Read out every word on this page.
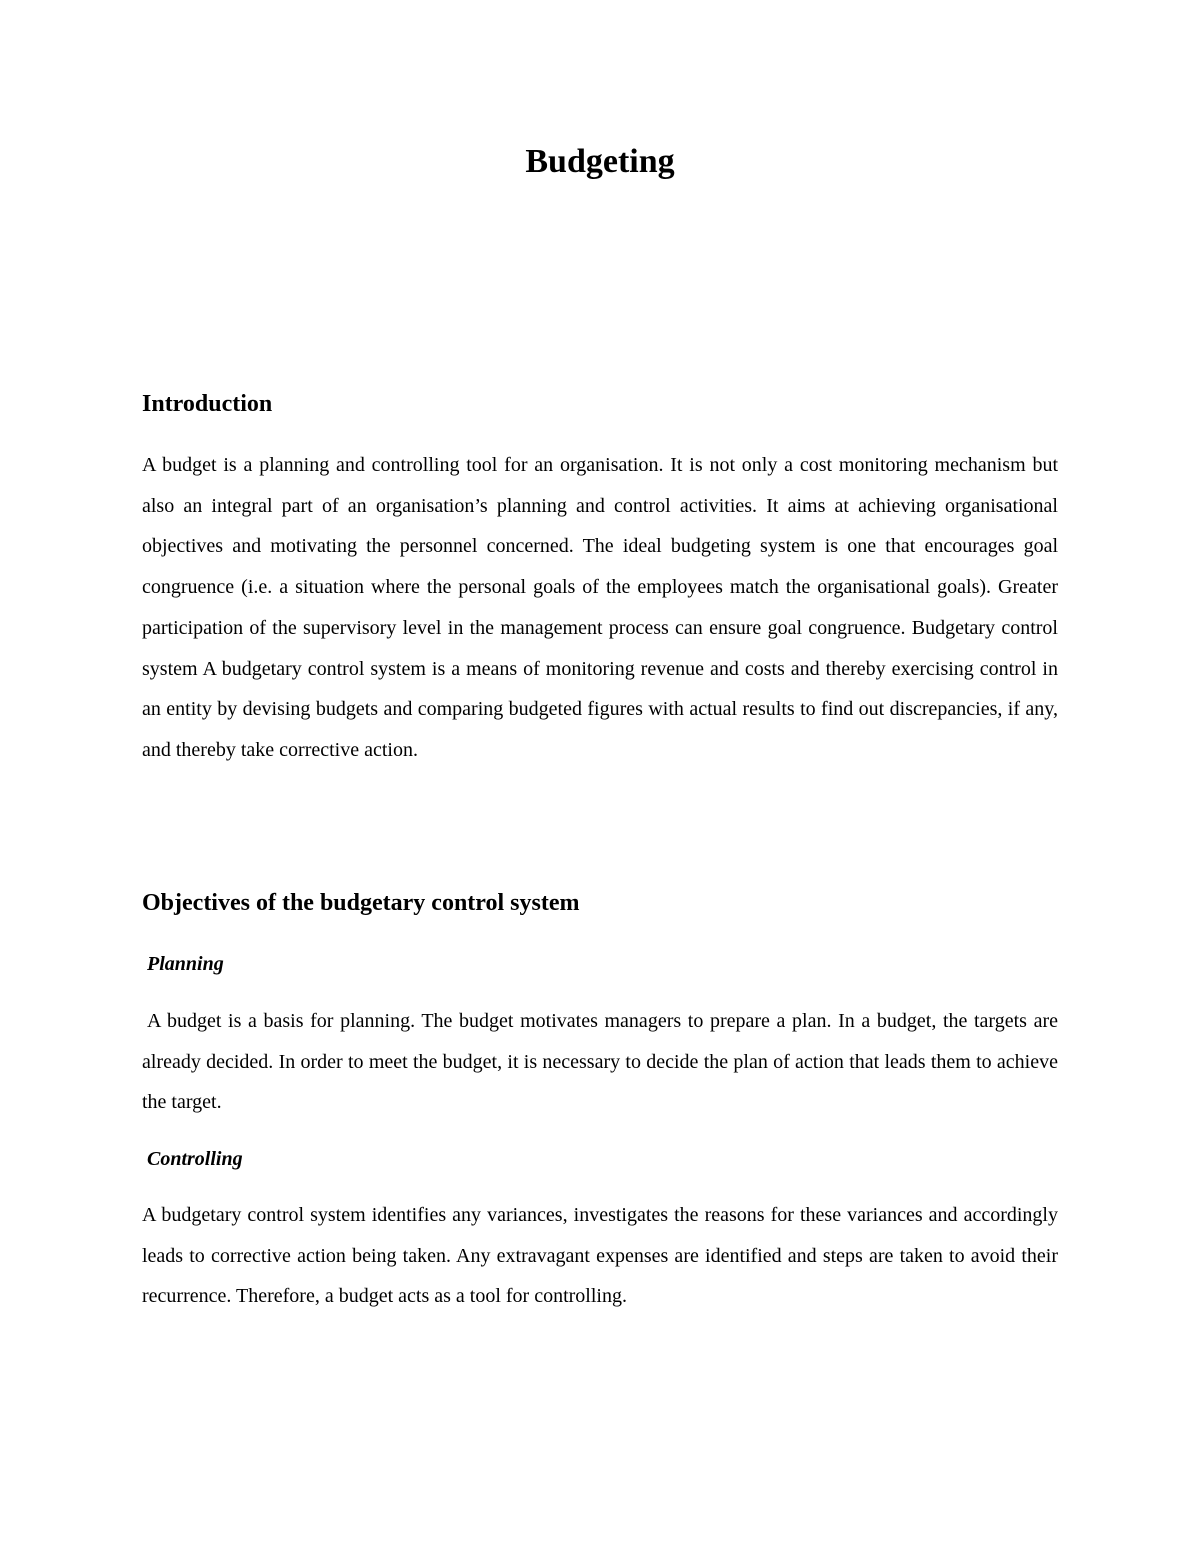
Budgeting
Introduction

A budget is a planning and controlling tool for an organisation. It is not only a cost monitoring mechanism but also an integral part of an organisation’s planning and control activities. It aims at achieving organisational objectives and motivating the personnel concerned. The ideal budgeting system is one that encourages goal congruence (i.e. a situation where the personal goals of the employees match the organisational goals). Greater participation of the supervisory level in the management process can ensure goal congruence. Budgetary control system A budgetary control system is a means of monitoring revenue and costs and thereby exercising control in an entity by devising budgets and comparing budgeted figures with actual results to find out discrepancies, if any, and thereby take corrective action.

Objectives of the budgetary control system
Planning

A budget is a basis for planning. The budget motivates managers to prepare a plan. In a budget, the targets are already decided. In order to meet the budget, it is necessary to decide the plan of action that leads them to achieve the target.

Controlling

A budgetary control system identifies any variances, investigates the reasons for these variances and accordingly leads to corrective action being taken. Any extravagant expenses are identified and steps are taken to avoid their recurrence. Therefore, a budget acts as a tool for controlling.
